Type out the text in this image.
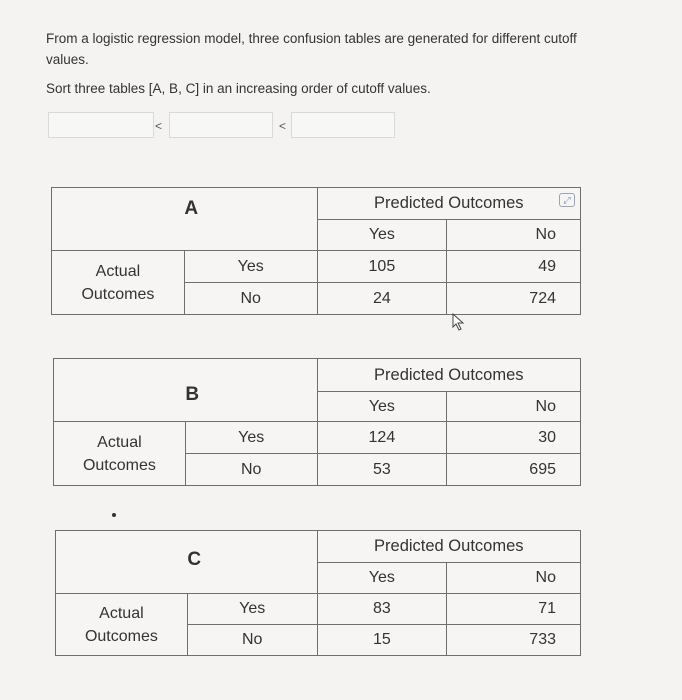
From a logistic regression model, three confusion tables are generated for different cutoff values.
Sort three tables [A, B, C] in an increasing order of cutoff values.
<	<
	A	Predicted Outcomes	
		Yes	No

Actual
Outcomes	Yes	105	49
	No	24	724
	B	Predicted Outcomes	
		Yes	No

Actual
Outcomes	Yes	124	30
	No	53	695
	C	Predicted Outcomes	
		Yes	No

Actual
Outcomes	Yes	83	71
	No	15	733
⤢
